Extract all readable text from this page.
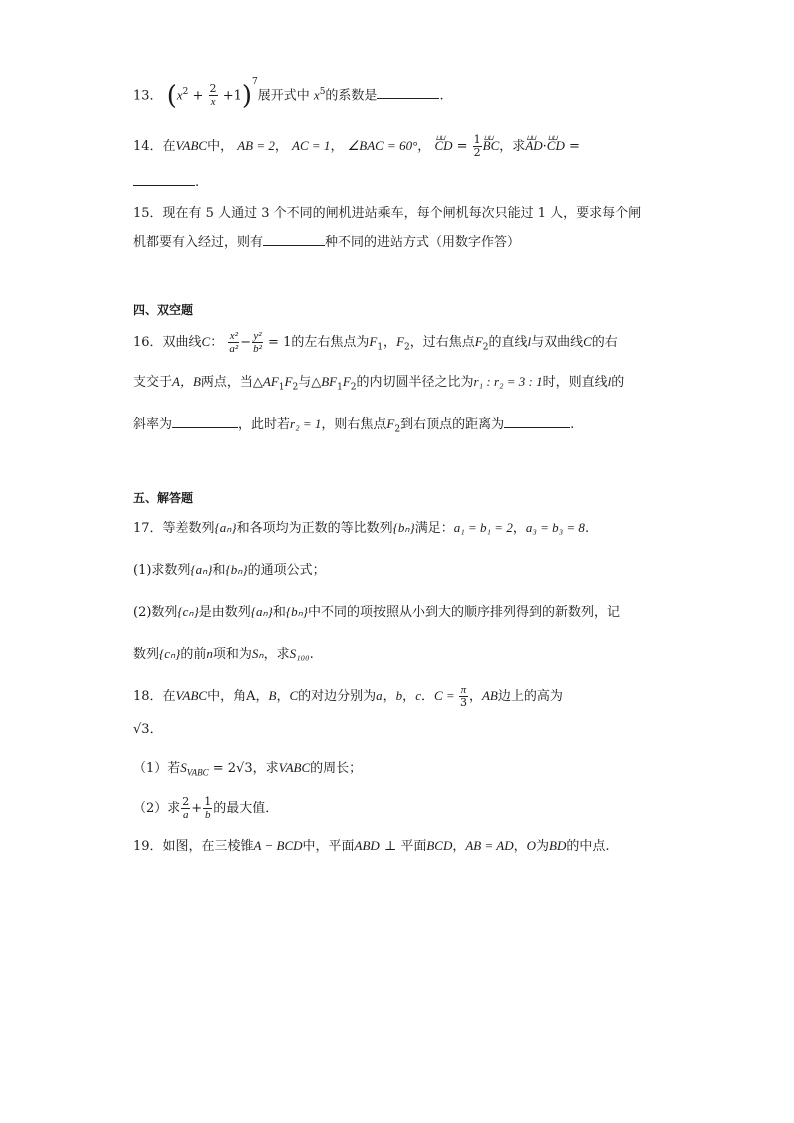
13． $(x^2 + \frac{2}{x} +1)^7$展开式中 $x^5$的系数是	.
14．在VABC中， AB = 2， AC = 1， ∠BAC = 60°， ⊔⊔ CD = $\frac{1}{2}$ ⊔⊔ BC，求⊔⊔ AD·⊔⊔ CD =
.
15．现在有 5 人通过 3 个不同的闸机进站乘车，每个闸机每次只能过 1 人，要求每个闸
机都要有入经过，则有	种不同的进站方式（用数字作答）
四、双空题
16．双曲线C： $\frac{\text{x²}}{\text{a²}} - \frac{\text{y²}}{\text{b²}} = 1$的左右焦点为$F_1$，$F_2$，过右焦点$F_2$的直线l与双曲线C的右
支交于A，B两点，当$\triangle AF_1F_2$与$\triangle BF_1F_2$的内切圆半径之比为r₁ : r₂ = 3 : 1时，则直线l的
斜率为	，此时若r₂ = 1，则右焦点$F_2$到右顶点的距离为	.
五、解答题
17．等差数列{aₙ}和各项均为正数的等比数列{bₙ}满足：a₁ = b₁ = 2，a₃ = b₃ = 8.
(1)求数列{aₙ}和{bₙ}的通项公式；
(2)数列{cₙ}是由数列{aₙ}和{bₙ}中不同的项按照从小到大的顺序排列得到的新数列，记
数列{cₙ}的前n项和为Sₙ，求S₁₀₀.
18．在VABC中，角A，B，C的对边分别为a，b，c．$C = \frac{\pi}{3}$ ，AB边上的高为
√3．
（1）若$S_{VABC} = 2√3$，求VABC的周长；
（2）求 $\frac{2}{a} + \frac{1}{b}$ 的最大值．
19．如图，在三棱锥A − BCD中，平面ABD ⊥ 平面BCD，AB = AD，O为BD的中点.
